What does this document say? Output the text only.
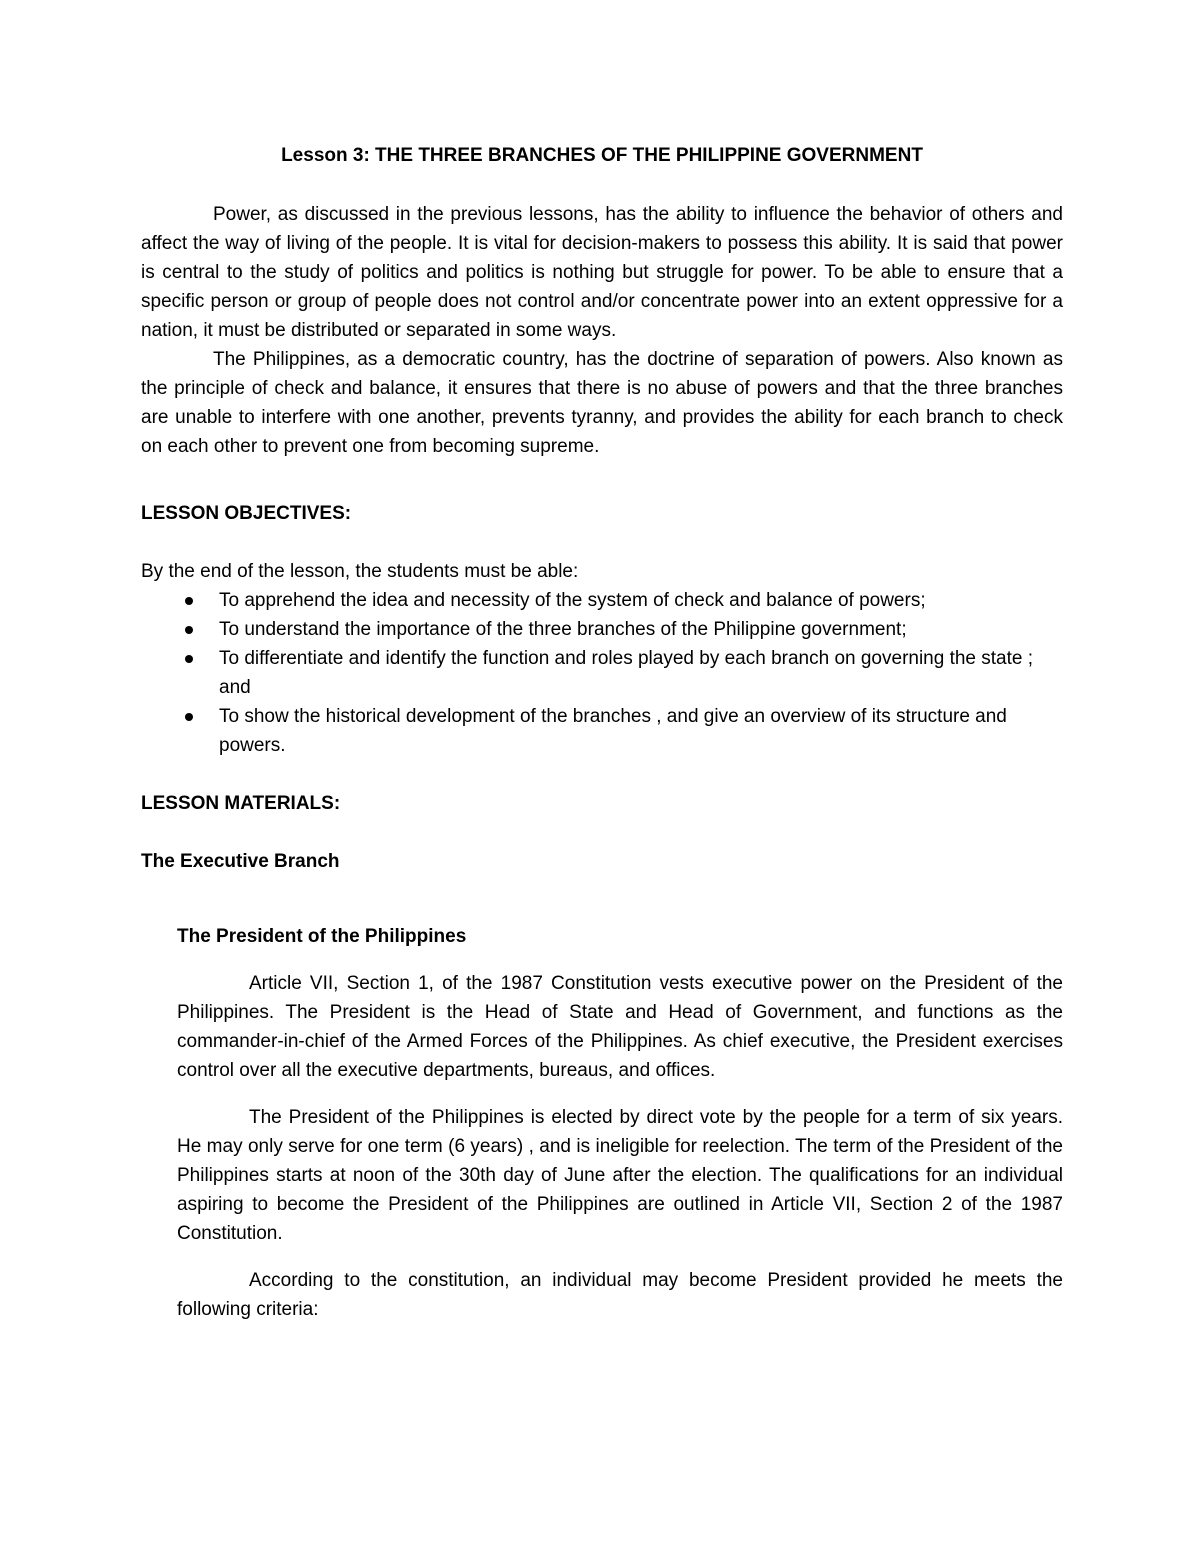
Lesson 3: THE THREE BRANCHES OF THE PHILIPPINE GOVERNMENT

Power, as discussed in the previous lessons, has the ability to influence the behavior of others and affect the way of living of the people. It is vital for decision-makers to possess this ability. It is said that power is central to the study of politics and politics is nothing but struggle for power. To be able to ensure that a specific person or group of people does not control and/or concentrate power into an extent oppressive for a nation, it must be distributed or separated in some ways.

The Philippines, as a democratic country, has the doctrine of separation of powers. Also known as the principle of check and balance, it ensures that there is no abuse of powers and that the three branches are unable to interfere with one another, prevents tyranny, and provides the ability for each branch to check on each other to prevent one from becoming supreme.

LESSON OBJECTIVES:

By the end of the lesson, the students must be able:

To apprehend the idea and necessity of the system of check and balance of powers;
To understand the importance of the three branches of the Philippine government;
To differentiate and identify the function and roles played by each branch on governing the state ; and
To show the historical development of the branches , and give an overview of its structure and powers.
LESSON MATERIALS:
The Executive Branch
The President of the Philippines

Article VII, Section 1, of the 1987 Constitution vests executive power on the President of the Philippines. The President is the Head of State and Head of Government, and functions as the commander-in-chief of the Armed Forces of the Philippines. As chief executive, the President exercises control over all the executive departments, bureaus, and offices.

The President of the Philippines is elected by direct vote by the people for a term of six years. He may only serve for one term (6 years) , and is ineligible for reelection. The term of the President of the Philippines starts at noon of the 30th day of June after the election. The qualifications for an individual aspiring to become the President of the Philippines are outlined in Article VII, Section 2 of the 1987 Constitution.

According to the constitution, an individual may become President provided he meets the following criteria:
